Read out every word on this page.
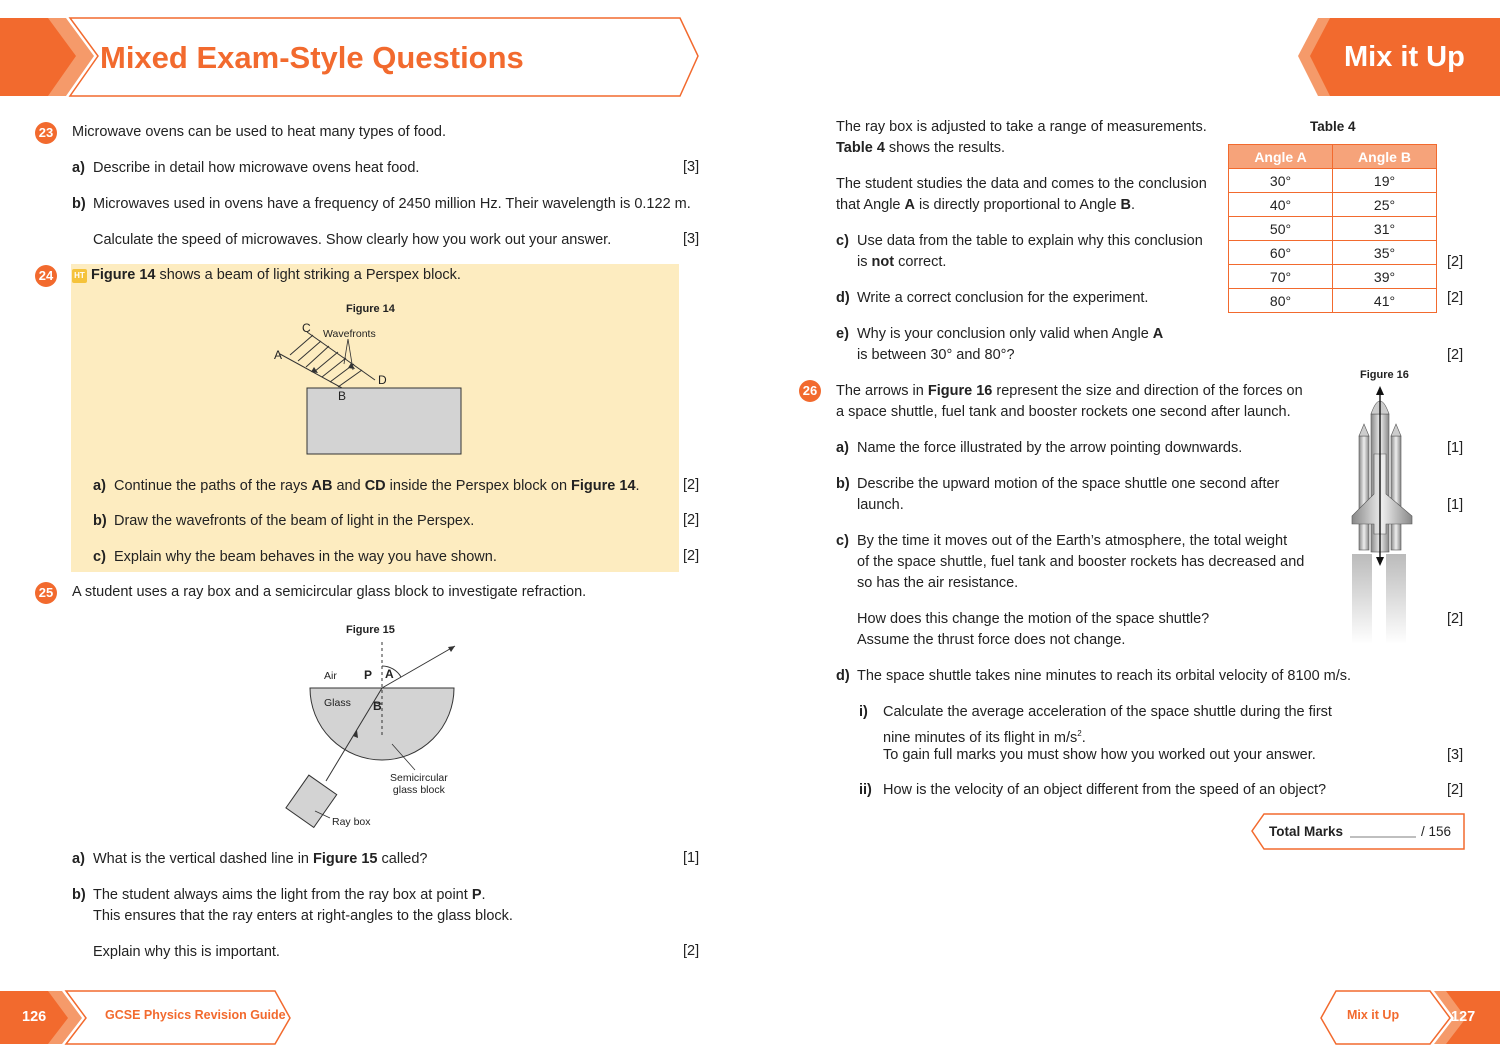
Mixed Exam-Style Questions	Mix it Up
23 Microwave ovens can be used to heat many types of food.
a) Describe in detail how microwave ovens heat food.	[3]
b) Microwaves used in ovens have a frequency of 2450 million Hz. Their wavelength is 0.122 m.
Calculate the speed of microwaves. Show clearly how you work out your answer.	[3]
24	HT Figure 14 shows a beam of light striking a Perspex block.
Figure 14
C
A
D
B
Wavefronts
a) Continue the paths of the rays AB and CD inside the Perspex block on Figure 14.	[2]
b) Draw the wavefronts of the beam of light in the Perspex.	[2]
c) Explain why the beam behaves in the way you have shown.	[2]
25 A student uses a ray box and a semicircular glass block to investigate refraction.
Figure 15
Air
Glass
P A
B
Semicircular
glass block
Ray box
a) What is the vertical dashed line in Figure 15 called?	[1]
b) The student always aims the light from the ray box at point P.
This ensures that the ray enters at right-angles to the glass block.
Explain why this is important.	[2]
The ray box is adjusted to take a range of measurements.
Table 4 shows the results.
The student studies the data and comes to the conclusion
that Angle A is directly proportional to Angle B.
c) Use data from the table to explain why this conclusion
is not correct.	[2]
d) Write a correct conclusion for the experiment.	[2]
e) Why is your conclusion only valid when Angle A
is between 30° and 80°?	[2]
Table 4
Angle A	Angle B
30°	19°
40°	25°
50°	31°
60°	35°
70°	39°
80°	41°
26 The arrows in Figure 16 represent the size and direction of the forces on
a space shuttle, fuel tank and booster rockets one second after launch.
Figure 16
a) Name the force illustrated by the arrow pointing downwards.	[1]
b) Describe the upward motion of the space shuttle one second after
launch.	[1]
c) By the time it moves out of the Earth’s atmosphere, the total weight
of the space shuttle, fuel tank and booster rockets has decreased and
so has the air resistance.
How does this change the motion of the space shuttle?
Assume the thrust force does not change.
[2]
d) The space shuttle takes nine minutes to reach its orbital velocity of 8100 m/s.
i) Calculate the average acceleration of the space shuttle during the first
nine minutes of its flight in $m/s^2$.
To gain full marks you must show how you worked out your answer.	[3]
ii) How is the velocity of an object different from the speed of an object?	[2]
Total Marks	/ 156
126	GCSE Physics Revision Guide	Mix it Up	127
